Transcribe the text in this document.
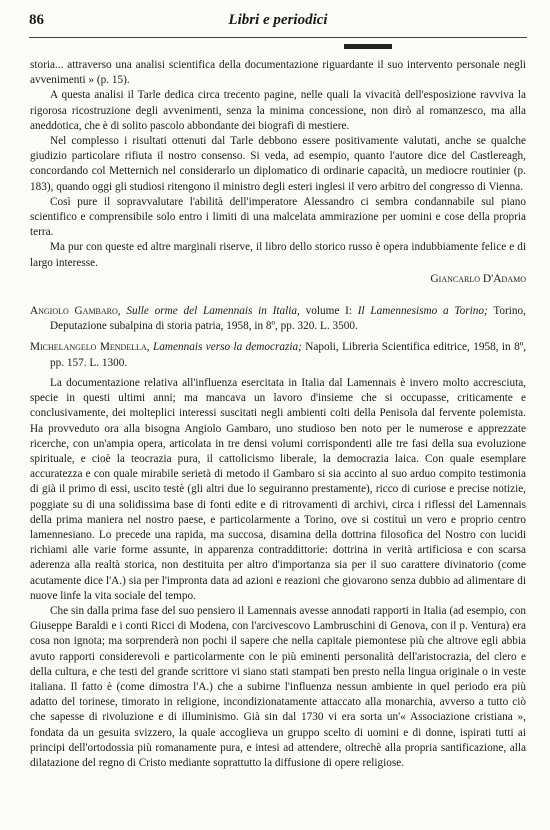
86	Libri e periodici

storia... attraverso una analisi scientifica della documentazione riguardante il suo intervento personale negli avvenimenti » (p. 15).

A questa analisi il Tarle dedica circa trecento pagine, nelle quali la vivacità dell'esposizione ravviva la rigorosa ricostruzione degli avvenimenti, senza la minima concessione, non dirò al romanzesco, ma alla aneddotica, che è di solito pascolo abbondante dei biografi di mestiere.

Nel complesso i risultati ottenuti dal Tarle debbono essere positivamente valutati, anche se qualche giudizio particolare rifiuta il nostro consenso. Si veda, ad esempio, quanto l'autore dice del Castlereagh, concordando col Metternich nel considerarlo un diplomatico di ordinarie capacità, un mediocre routinier (p. 183), quando oggi gli studiosi ritengono il ministro degli esteri inglesi il vero arbitro del congresso di Vienna.

Così pure il sopravvalutare l'abilità dell'imperatore Alessandro ci sembra condannabile sul piano scientifico e comprensibile solo entro i limiti di una malcelata ammirazione per uomini e cose della propria terra.

Ma pur con queste ed altre marginali riserve, il libro dello storico russo è opera indubbiamente felice e di largo interesse.

Giancarlo D'Adamo

Angiolo Gambaro, Sulle orme del Lamennais in Italia, volume I: Il Lamennesismo a Torino; Torino, Deputazione subalpina di storia patria, 1958, in 8º, pp. 320. L. 3500.

Michelangelo Mendella, Lamennais verso la democrazia; Napoli, Libreria Scientifica editrice, 1958, in 8º, pp. 157. L. 1300.

La documentazione relativa all'influenza esercitata in Italia dal Lamennais è invero molto accresciuta, specie in questi ultimi anni; ma mancava un lavoro d'insieme che si occupasse, criticamente e conclusivamente, dei molteplici interessi suscitati negli ambienti colti della Penisola dal fervente polemista. Ha provveduto ora alla bisogna Angiolo Gambaro, uno studioso ben noto per le numerose e apprezzate ricerche, con un'ampia opera, articolata in tre densi volumi corrispondenti alle tre fasi della sua evoluzione spirituale, e cioè la teocrazia pura, il cattolicismo liberale, la democrazia laica. Con quale esemplare accuratezza e con quale mirabile serietà di metodo il Gambaro si sia accinto al suo arduo compito testimonia di già il primo di essi, uscito testè (gli altri due lo seguiranno prestamente), ricco di curiose e precise notizie, poggiate su di una solidissima base di fonti edite e di ritrovamenti di archivi, circa i riflessi del Lamennais della prima maniera nel nostro paese, e particolarmente a Torino, ove si costituì un vero e proprio centro lamennesiano. Lo precede una rapida, ma succosa, disamina della dottrina filosofica del Nostro con lucidi richiami alle varie forme assunte, in apparenza contraddittorie: dottrina in verità artificiosa e con scarsa aderenza alla realtà storica, non destituita per altro d'importanza sia per il suo carattere divinatorio (come acutamente dice l'A.) sia per l'impronta data ad azioni e reazioni che giovarono senza dubbio ad alimentare di nuove linfe la vita sociale del tempo.

Che sin dalla prima fase del suo pensiero il Lamennais avesse annodati rapporti in Italia (ad esempio, con Giuseppe Baraldi e i conti Ricci di Modena, con l'arcivescovo Lambruschini di Genova, con il p. Ventura) era cosa non ignota; ma sorprenderà non pochi il sapere che nella capitale piemontese più che altrove egli abbia avuto rapporti considerevoli e particolarmente con le più eminenti personalità dell'aristocrazia, del clero e della cultura, e che testi del grande scrittore vi siano stati stampati ben presto nella lingua originale o in veste italiana. Il fatto è (come dimostra l'A.) che a subirne l'influenza nessun ambiente in quel periodo era più adatto del torinese, timorato in religione, incondizionatamente attaccato alla monarchia, avverso a tutto ciò che sapesse di rivoluzione e di illuminismo. Già sin dal 1730 vi era sorta un'« Associazione cristiana », fondata da un gesuita svizzero, la quale accoglieva un gruppo scelto di uomini e di donne, ispirati tutti ai principi dell'ortodossia più romanamente pura, e intesi ad attendere, oltrechè alla propria santificazione, alla dilatazione del regno di Cristo mediante soprattutto la diffusione di opere religiose.
